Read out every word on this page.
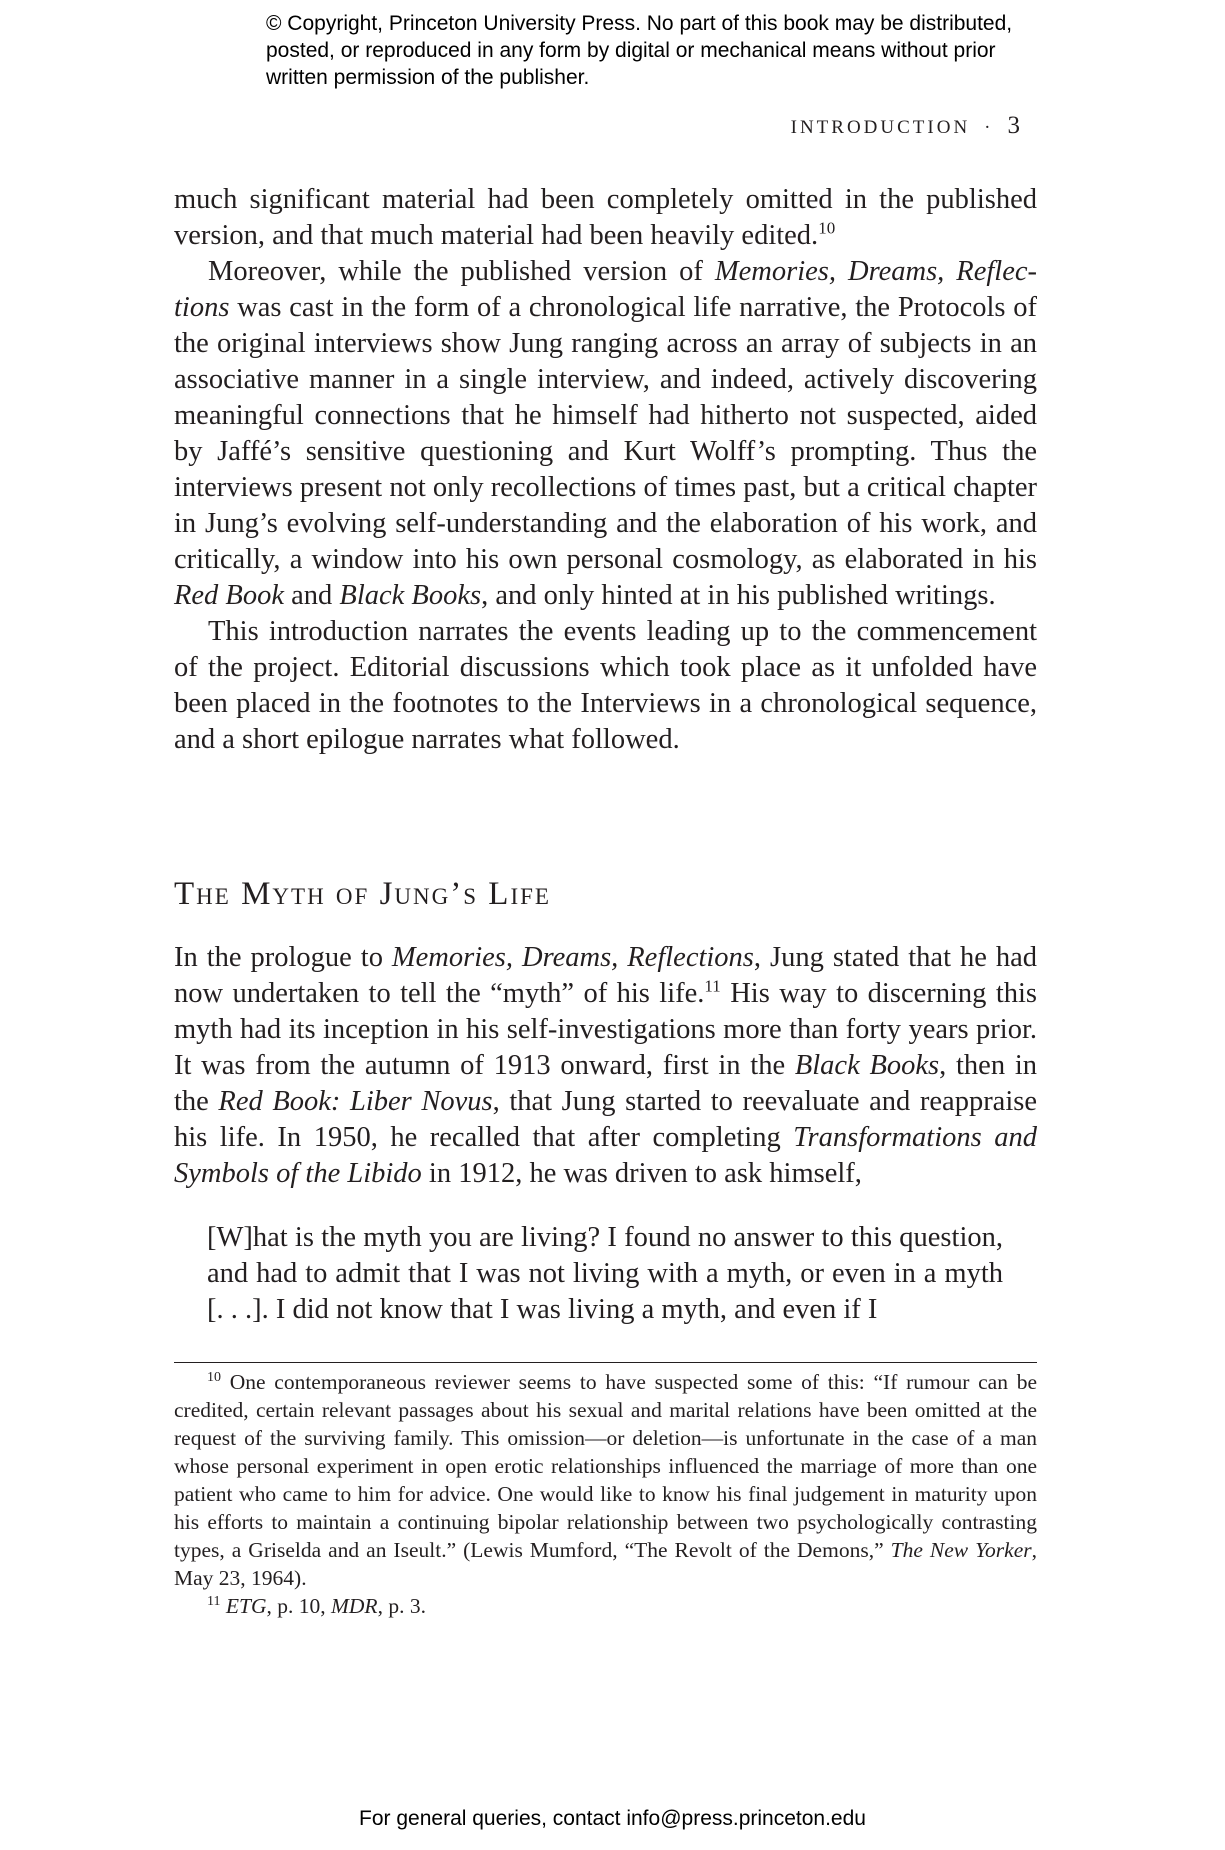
© Copyright, Princeton University Press. No part of this book may be distributed, posted, or reproduced in any form by digital or mechanical means without prior written permission of the publisher.
INTRODUCTION · 3

much significant material had been completely omitted in the published version, and that much material had been heavily edited.$^{10}$

Moreover, while the published version of Memories, Dreams, Reflections was cast in the form of a chronological life narrative, the Protocols of the original interviews show Jung ranging across an array of subjects in an associative manner in a single interview, and indeed, actively discovering meaningful connections that he himself had hitherto not suspected, aided by Jaffé’s sensitive questioning and Kurt Wolff’s prompting. Thus the interviews present not only recollections of times past, but a critical chapter in Jung’s evolving self-understanding and the elaboration of his work, and critically, a window into his own personal cosmology, as elaborated in his Red Book and Black Books, and only hinted at in his published writings.

This introduction narrates the events leading up to the commencement of the project. Editorial discussions which took place as it unfolded have been placed in the footnotes to the Interviews in a chronological sequence, and a short epilogue narrates what followed.

The Myth of Jung’s Life

In the prologue to Memories, Dreams, Reflections, Jung stated that he had now undertaken to tell the “myth” of his life.$^{11}$ His way to discerning this myth had its inception in his self-investigations more than forty years prior. It was from the autumn of 1913 onward, first in the Black Books, then in the Red Book: Liber Novus, that Jung started to reevaluate and reappraise his life. In 1950, he recalled that after completing Transformations and Symbols of the Libido in 1912, he was driven to ask himself,

[W]hat is the myth you are living? I found no answer to this question, and had to admit that I was not living with a myth, or even in a myth [. . .]. I did not know that I was living a myth, and even if I

$^{10}$ One contemporaneous reviewer seems to have suspected some of this: “If rumour can be credited, certain relevant passages about his sexual and marital relations have been omitted at the request of the surviving family. This omission—or deletion—is unfortunate in the case of a man whose personal experiment in open erotic relationships influenced the marriage of more than one patient who came to him for advice. One would like to know his final judgement in maturity upon his efforts to maintain a continuing bipolar relationship between two psychologically contrasting types, a Griselda and an Iseult.” (Lewis Mumford, “The Revolt of the Demons,” The New Yorker, May 23, 1964).

$^{11}$ ETG, p. 10, MDR, p. 3.

For general queries, contact info@press.princeton.edu
